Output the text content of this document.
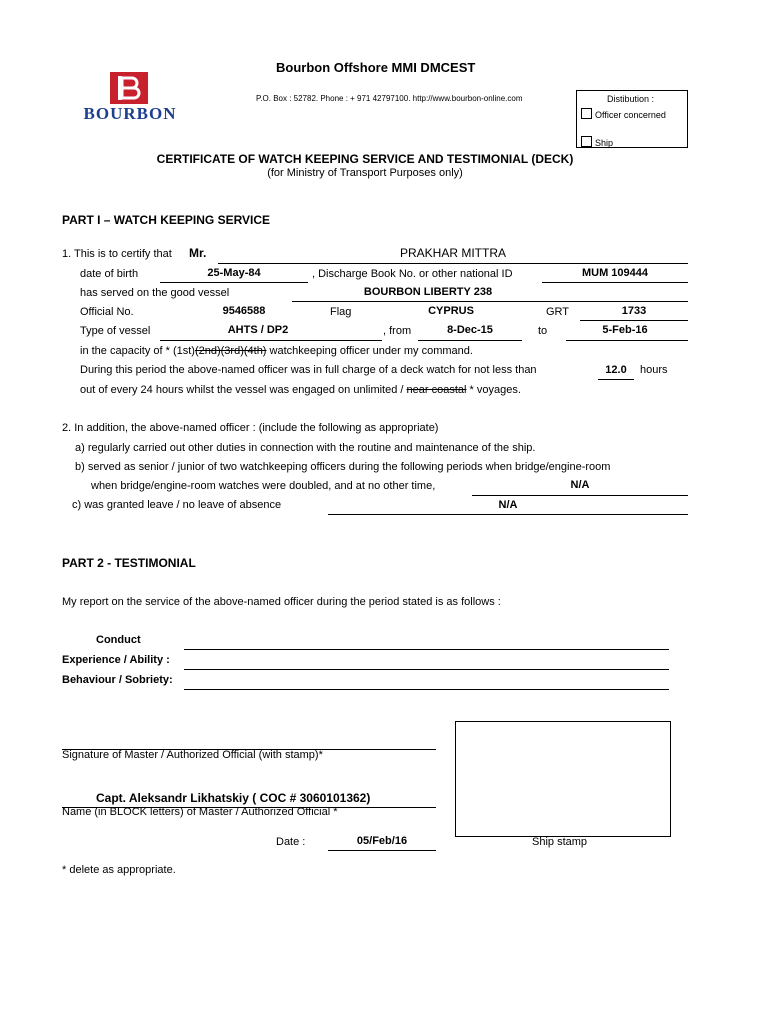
BOURBON
Bourbon Offshore MMI DMCEST
P.O. Box : 52782. Phone : + 971 42797100. http://www.bourbon-online.com	Distibution :
Officer concerned
Ship
CERTIFICATE OF WATCH KEEPING SERVICE AND TESTIMONIAL (DECK)
(for Ministry of Transport Purposes only)
PART I – WATCH KEEPING SERVICE
1. This is to certify that Mr.	PRAKHAR MITTRA
date of birth	25-May-84	, Discharge Book No. or other national ID	MUM 109444
has served on the good vessel	BOURBON LIBERTY 238
Official No.	9546588	Flag	CYPRUS	GRT	1733
Type of vessel	AHTS / DP2	, from	8-Dec-15	to	5-Feb-16
in the capacity of * (1st)(2nd)(3rd)(4th) watchkeeping officer under my command.
During this period the above-named officer was in full charge of a deck watch for not less than	12.0	hours
out of every 24 hours whilst the vessel was engaged on unlimited / near coastal * voyages.
2. In addition, the above-named officer : (include the following as appropriate)
a) regularly carried out other duties in connection with the routine and maintenance of the ship.
b) served as senior / junior of two watchkeeping officers during the following periods when bridge/engine-room
when bridge/engine-room watches were doubled, and at no other time,	N/A
c) was granted leave / no leave of absence	N/A
PART 2 - TESTIMONIAL
My report on the service of the above-named officer during the period stated is as follows :
Conduct
Experience / Ability :
Behaviour / Sobriety:
Signature of Master / Authorized Official (with stamp)*
Capt. Aleksandr Likhatskiy ( COC # 3060101362)
Name (in BLOCK letters) of Master / Authorized Official *
Date :	05/Feb/16	Ship stamp
* delete as appropriate.
